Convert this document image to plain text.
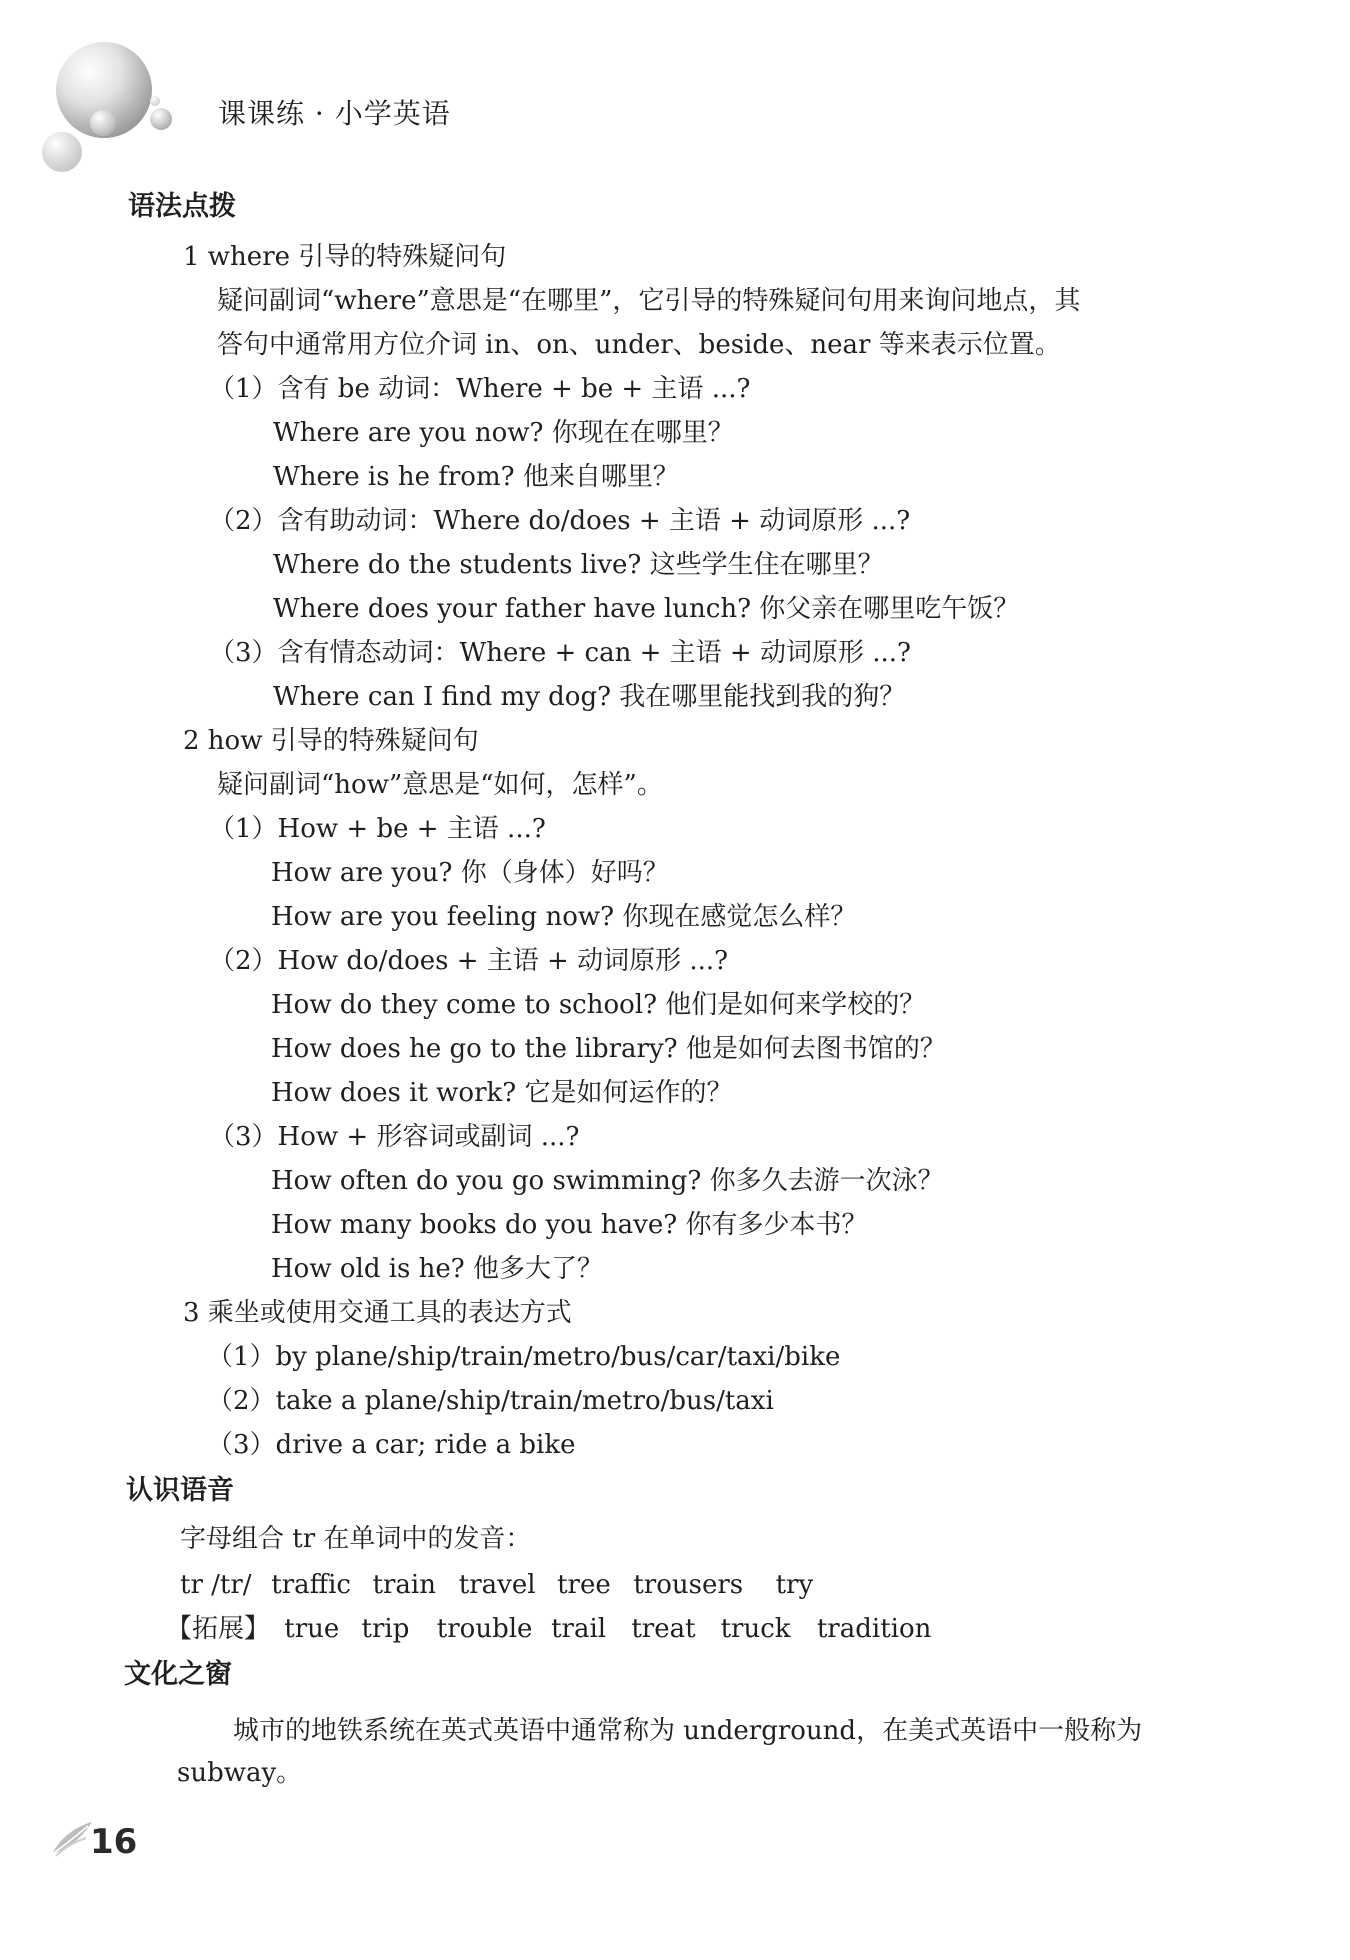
课课练 · 小学英语
语法点拨
1 where 引导的特殊疑问句
疑问副词“where”意思是“在哪里”，它引导的特殊疑问句用来询问地点，其
答句中通常用方位介词 in、on、under、beside、near 等来表示位置。
（1）含有 be 动词：Where + be + 主语 ...?
Where are you now? 你现在在哪里？
Where is he from? 他来自哪里？
（2）含有助动词：Where do/does + 主语 + 动词原形 ...?
Where do the students live? 这些学生住在哪里？
Where does your father have lunch? 你父亲在哪里吃午饭？
（3）含有情态动词：Where + can + 主语 + 动词原形 ...?
Where can I find my dog? 我在哪里能找到我的狗？
2 how 引导的特殊疑问句
疑问副词“how”意思是“如何，怎样”。
（1）How + be + 主语 ...?
How are you? 你（身体）好吗？
How are you feeling now? 你现在感觉怎么样？
（2）How do/does + 主语 + 动词原形 ...?
How do they come to school? 他们是如何来学校的？
How does he go to the library? 他是如何去图书馆的？
How does it work? 它是如何运作的？
（3）How + 形容词或副词 ...?
How often do you go swimming? 你多久去游一次泳？
How many books do you have? 你有多少本书？
How old is he? 他多大了？
3 乘坐或使用交通工具的表达方式
（1）by plane/ship/train/metro/bus/car/taxi/bike
（2）take a plane/ship/train/metro/bus/taxi
（3）drive a car; ride a bike
认识语音
字母组合 tr 在单词中的发音：
tr /tr/ traffic train travel tree trousers try
【拓展】 true trip trouble trail treat truck tradition
文化之窗
城市的地铁系统在英式英语中通常称为 underground，在美式英语中一般称为
subway。
16
